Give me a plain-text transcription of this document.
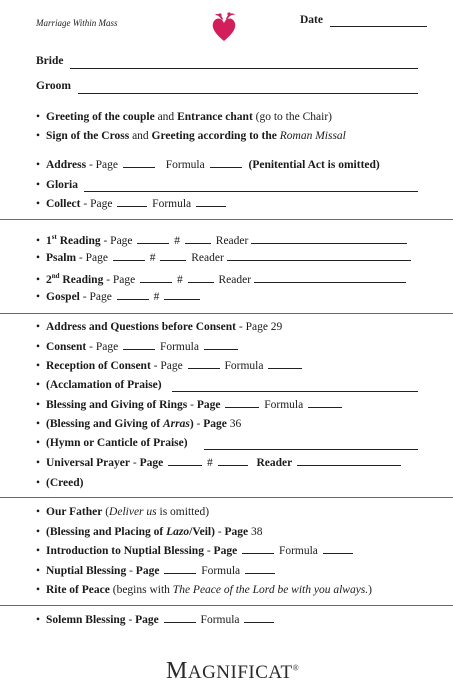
Marriage Within Mass	Date
Bride
Groom
• Greeting of the couple and Entrance chant (go to the Chair)
• Sign of the Cross and Greeting according to the Roman Missal
• Address - Page	Formula	(Penitential Act is omitted)
• Gloria
• Collect - Page	Formula
• 1st Reading - Page	#	Reader
• Psalm - Page	#	Reader
• 2nd Reading - Page	#	Reader
• Gospel - Page	#
• Address and Questions before Consent - Page 29
• Consent - Page	Formula
• Reception of Consent - Page	Formula
• (Acclamation of Praise)
• Blessing and Giving of Rings - Page	Formula
• (Blessing and Giving of Arras) - Page 36
• (Hymn or Canticle of Praise)
• Universal Prayer - Page	#	Reader
• (Creed)
• Our Father (Deliver us is omitted)
• (Blessing and Placing of Lazo/Veil) - Page 38
• Introduction to Nuptial Blessing - Page	Formula
• Nuptial Blessing - Page	Formula
• Rite of Peace (begins with The Peace of the Lord be with you always.)
• Solemn Blessing - Page	Formula
MAGNIFICAT®
